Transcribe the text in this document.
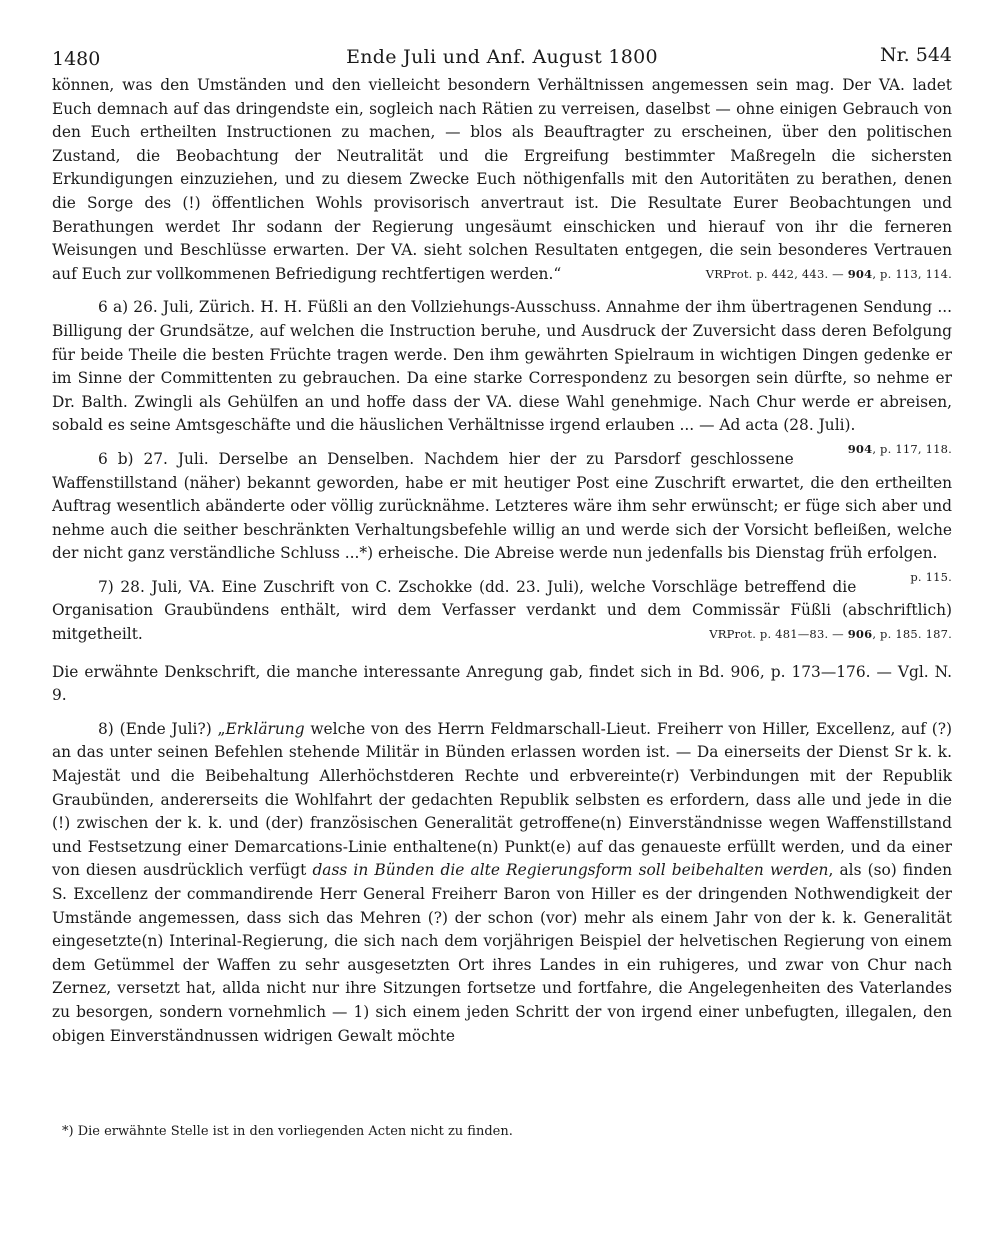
1480	Ende Juli und Anf. August 1800	Nr. 544

können, was den Umständen und den vielleicht besondern Verhältnissen angemessen sein mag. Der VA. ladet Euch demnach auf das dringendste ein, sogleich nach Rätien zu verreisen, daselbst — ohne einigen Gebrauch von den Euch ertheilten Instructionen zu machen, — blos als Beauftragter zu erscheinen, über den politischen Zustand, die Beobachtung der Neutralität und die Ergreifung bestimmter Maßregeln die sichersten Erkundigungen einzuziehen, und zu diesem Zwecke Euch nöthigenfalls mit den Autoritäten zu berathen, denen die Sorge des (!) öffentlichen Wohls provisorisch anvertraut ist. Die Resultate Eurer Beobachtungen und Berathungen werdet Ihr sodann der Regierung ungesäumt einschicken und hierauf von ihr die ferneren Weisungen und Beschlüsse erwarten. Der VA. sieht solchen Resultaten entgegen, die sein besonderes Vertrauen auf Euch zur vollkommenen Befriedigung rechtfertigen werden.“	VRProt. p. 442, 443. — 904, p. 113, 114.

6 a) 26. Juli, Zürich. H. H. Füßli an den Vollziehungs-Ausschuss. Annahme der ihm übertragenen Sendung ... Billigung der Grundsätze, auf welchen die Instruction beruhe, und Ausdruck der Zuversicht dass deren Befolgung für beide Theile die besten Früchte tragen werde. Den ihm gewährten Spielraum in wichtigen Dingen gedenke er im Sinne der Committenten zu gebrauchen. Da eine starke Correspondenz zu besorgen sein dürfte, so nehme er Dr. Balth. Zwingli als Gehülfen an und hoffe dass der VA. diese Wahl genehmige. Nach Chur werde er abreisen, sobald es seine Amtsgeschäfte und die häuslichen Verhältnisse irgend erlauben ... — Ad acta (28. Juli).
904, p. 117, 118.

6 b) 27. Juli. Derselbe an Denselben. Nachdem hier der zu Parsdorf geschlossene Waffenstillstand (näher) bekannt geworden, habe er mit heutiger Post eine Zuschrift erwartet, die den ertheilten Auftrag wesentlich abänderte oder völlig zurücknähme. Letzteres wäre ihm sehr erwünscht; er füge sich aber und nehme auch die seither beschränkten Verhaltungsbefehle willig an und werde sich der Vorsicht befleißen, welche der nicht ganz verständliche Schluss ...*) erheische. Die Abreise werde nun jedenfalls bis Dienstag früh erfolgen.
p. 115.

7) 28. Juli, VA. Eine Zuschrift von C. Zschokke (dd. 23. Juli), welche Vorschläge betreffend die Organisation Graubündens enthält, wird dem Verfasser verdankt und dem Commissär Füßli (abschriftlich) mitgetheilt.	VRProt. p. 481—83. — 906, p. 185. 187.

Die erwähnte Denkschrift, die manche interessante Anregung gab, findet sich in Bd. 906, p. 173—176. — Vgl. N. 9.

8) (Ende Juli?) „Erklärung welche von des Herrn Feldmarschall-Lieut. Freiherr von Hiller, Excellenz, auf (?) an das unter seinen Befehlen stehende Militär in Bünden erlassen worden ist. — Da einerseits der Dienst Sr k. k. Majestät und die Beibehaltung Allerhöchstderen Rechte und erbvereinte(r) Verbindungen mit der Republik Graubünden, andererseits die Wohlfahrt der gedachten Republik selbsten es erfordern, dass alle und jede in die (!) zwischen der k. k. und (der) französischen Generalität getroffene(n) Einverständnisse wegen Waffenstillstand und Festsetzung einer Demarcations-Linie enthaltene(n) Punkt(e) auf das genaueste erfüllt werden, und da einer von diesen ausdrücklich verfügt dass in Bünden die alte Regierungsform soll beibehalten werden, als (so) finden S. Excellenz der commandirende Herr General Freiherr Baron von Hiller es der dringenden Nothwendigkeit der Umstände angemessen, dass sich das Mehren (?) der schon (vor) mehr als einem Jahr von der k. k. Generalität eingesetzte(n) Interinal-Regierung, die sich nach dem vorjährigen Beispiel der helvetischen Regierung von einem dem Getümmel der Waffen zu sehr ausgesetzten Ort ihres Landes in ein ruhigeres, und zwar von Chur nach Zernez, versetzt hat, allda nicht nur ihre Sitzungen fortsetze und fortfahre, die Angelegenheiten des Vaterlandes zu besorgen, sondern vornehmlich — 1) sich einem jeden Schritt der von irgend einer unbefugten, illegalen, den obigen Einverständnussen widrigen Gewalt möchte

*) Die erwähnte Stelle ist in den vorliegenden Acten nicht zu finden.
